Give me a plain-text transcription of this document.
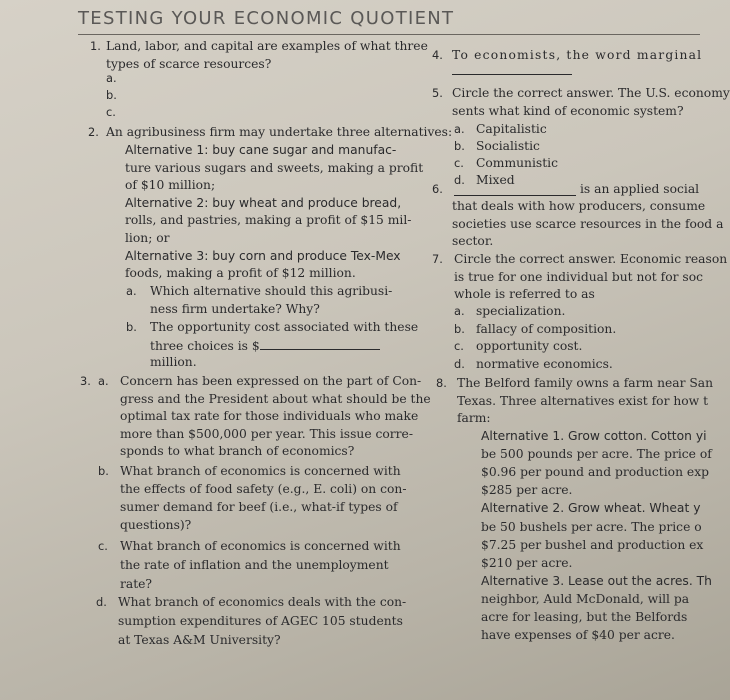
TESTING YOUR ECONOMIC QUOTIENT
1. Land, labor, and capital are examples of what three
types of scarce resources?
a.
b.
c.
2. An agribusiness firm may undertake three alternatives:
Alternative 1: buy cane sugar and manufac-
ture various sugars and sweets, making a profit
of $10 million;
Alternative 2: buy wheat and produce bread,
rolls, and pastries, making a profit of $15 mil-
lion; or
Alternative 3: buy corn and produce Tex-Mex
foods, making a profit of $12 million.
a. Which alternative should this agribusi-
ness firm undertake? Why?
b. The opportunity cost associated with these
three choices is $
million.
3. a. Concern has been expressed on the part of Con-
gress and the President about what should be the
optimal tax rate for those individuals who make
more than $500,000 per year. This issue corre-
sponds to what branch of economics?
b. What branch of economics is concerned with
the effects of food safety (e.g., E. coli) on con-
sumer demand for beef (i.e., what-if types of
questions)?
c. What branch of economics is concerned with
the rate of inflation and the unemployment
rate?
d. What branch of economics deals with the con-
sumption expenditures of AGEC 105 students
at Texas A&M University?
4. To economists, the word marginal
5. Circle the correct answer. The U.S. economy
sents what kind of economic system?
a. Capitalistic
b. Socialistic
c. Communistic
d. Mixed
6.	is an applied social
that deals with how producers, consume
societies use scarce resources in the food a
sector.
7. Circle the correct answer. Economic reason
is true for one individual but not for soc
whole is referred to as
a. specialization.
b. fallacy of composition.
c. opportunity cost.
d. normative economics.
8. The Belford family owns a farm near San
Texas. Three alternatives exist for how t
farm:
Alternative 1. Grow cotton. Cotton yi
be 500 pounds per acre. The price of
$0.96 per pound and production exp
$285 per acre.
Alternative 2. Grow wheat. Wheat y
be 50 bushels per acre. The price o
$7.25 per bushel and production ex
$210 per acre.
Alternative 3. Lease out the acres. Th
neighbor, Auld McDonald, will pa
acre for leasing, but the Belfords
have expenses of $40 per acre.
